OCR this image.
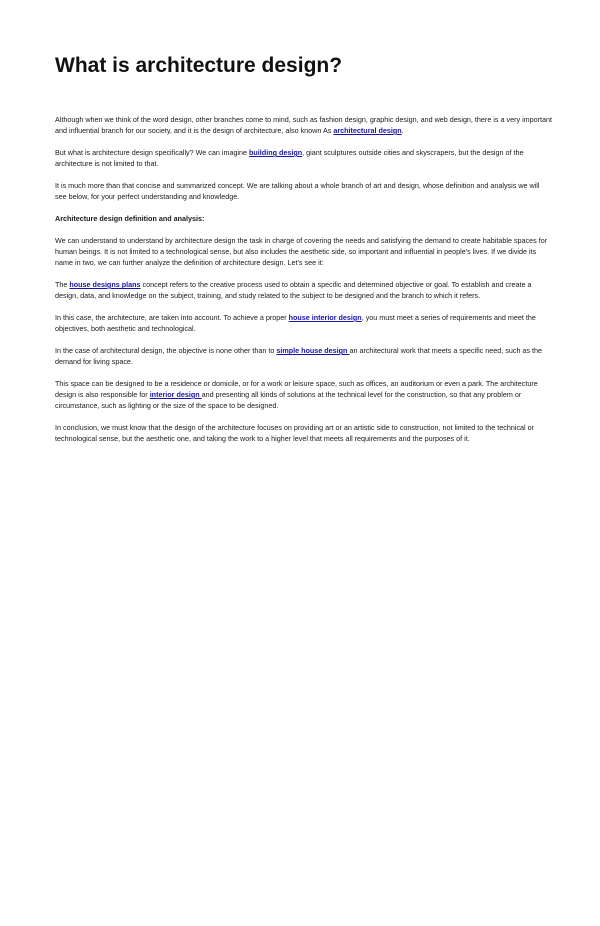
What is architecture design?

Although when we think of the word design, other branches come to mind, such as fashion design, graphic design, and web design, there is a very important and influential branch for our society, and it is the design of architecture, also known As architectural design.

But what is architecture design specifically? We can imagine building design, giant sculptures outside cities and skyscrapers, but the design of the architecture is not limited to that.

It is much more than that concise and summarized concept. We are talking about a whole branch of art and design, whose definition and analysis we will see below, for your perfect understanding and knowledge.

Architecture design definition and analysis:

We can understand to understand by architecture design the task in charge of covering the needs and satisfying the demand to create habitable spaces for human beings. It is not limited to a technological sense, but also includes the aesthetic side, so important and influential in people's lives. If we divide its name in two, we can further analyze the definition of architecture design. Let's see it:

The house designs plans concept refers to the creative process used to obtain a specific and determined objective or goal. To establish and create a design, data, and knowledge on the subject, training, and study related to the subject to be designed and the branch to which it refers.

In this case, the architecture, are taken into account. To achieve a proper house interior design, you must meet a series of requirements and meet the objectives, both aesthetic and technological.

In the case of architectural design, the objective is none other than to simple house design an architectural work that meets a specific need, such as the demand for living space.

This space can be designed to be a residence or domicile, or for a work or leisure space, such as offices, an auditorium or even a park. The architecture design is also responsible for interior design and presenting all kinds of solutions at the technical level for the construction, so that any problem or circumstance, such as lighting or the size of the space to be designed.

In conclusion, we must know that the design of the architecture focuses on providing art or an artistic side to construction, not limited to the technical or technological sense, but the aesthetic one, and taking the work to a higher level that meets all requirements and the purposes of it.
